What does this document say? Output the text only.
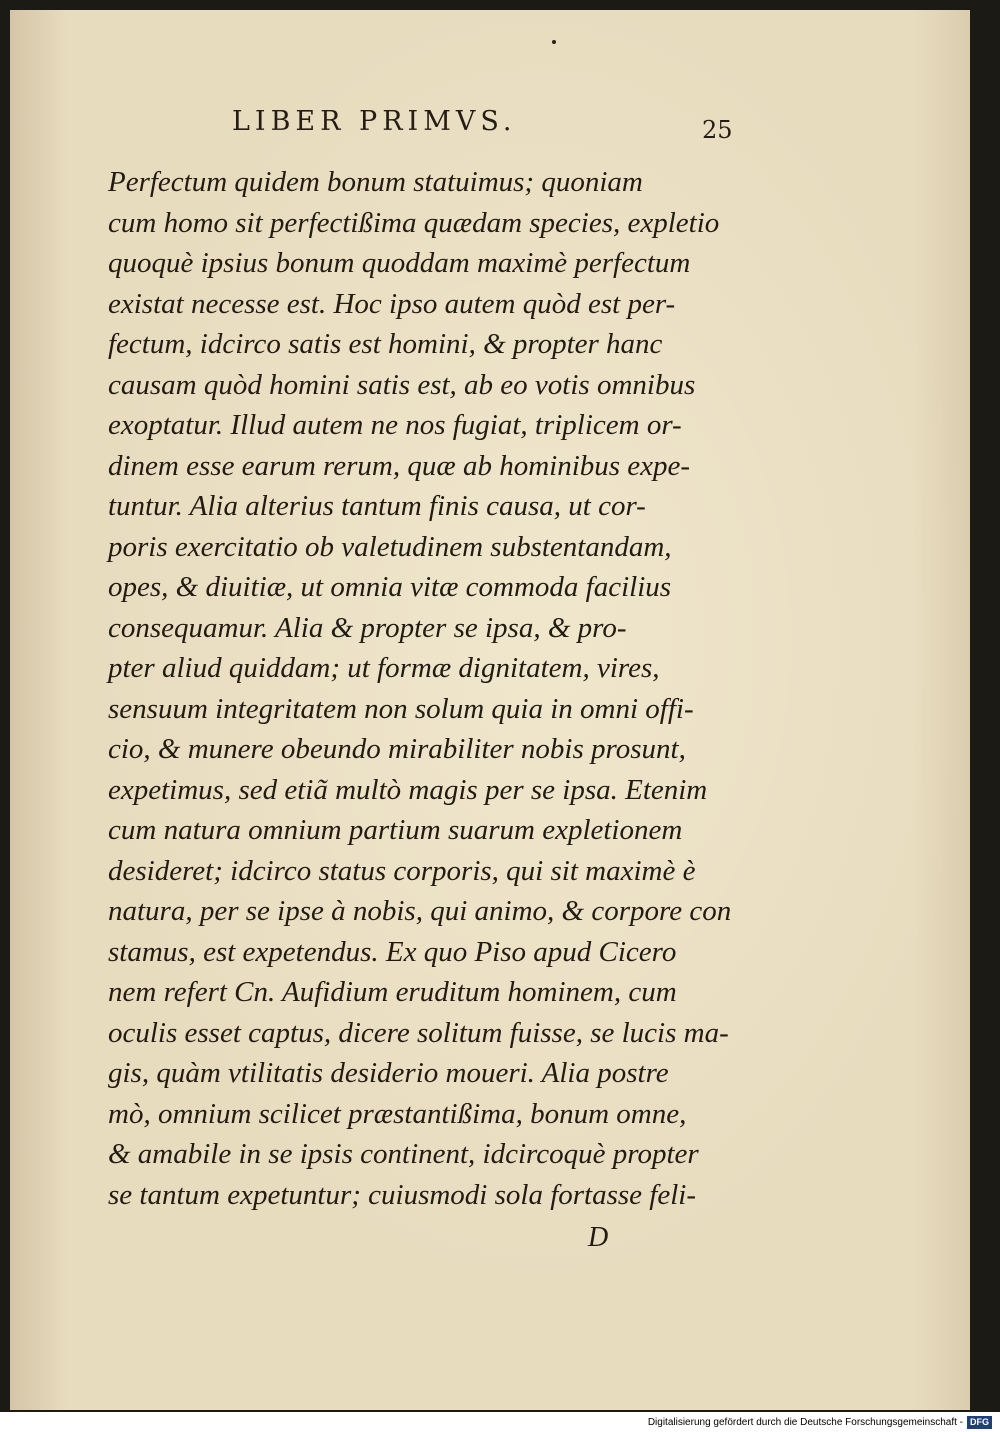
LIBER PRIMVS.	25
Perfectum quidem bonum statuimus; quoniam
cum homo sit perfectißima quædam species, expletio
quoquè ipsius bonum quoddam maximè perfectum
existat necesse est. Hoc ipso autem quòd est per-
fectum, idcirco satis est homini, & propter hanc
causam quòd homini satis est, ab eo votis omnibus
exoptatur. Illud autem ne nos fugiat, triplicem or-
dinem esse earum rerum, quæ ab hominibus expe-
tuntur. Alia alterius tantum finis causa, ut cor-
poris exercitatio ob valetudinem substentandam,
opes, & diuitiæ, ut omnia vitæ commoda facilius
consequamur. Alia & propter se ipsa, & pro-
pter aliud quiddam; ut formæ dignitatem, vires,
sensuum integritatem non solum quia in omni offi-
cio, & munere obeundo mirabiliter nobis prosunt,
expetimus, sed etiã multò magis per se ipsa. Etenim
cum natura omnium partium suarum expletionem
desideret; idcirco status corporis, qui sit maximè è
natura, per se ipse à nobis, qui animo, & corpore con
stamus, est expetendus. Ex quo Piso apud Cicero
nem refert Cn. Aufidium eruditum hominem, cum
oculis esset captus, dicere solitum fuisse, se lucis ma-
gis, quàm vtilitatis desiderio moueri. Alia postre
mò, omnium scilicet præstantißima, bonum omne,
& amabile in se ipsis continent, idcircoquè propter
se tantum expetuntur; cuiusmodi sola fortasse feli-
D
Digitalisierung gefördert durch die Deutsche Forschungsgemeinschaft - DFG
